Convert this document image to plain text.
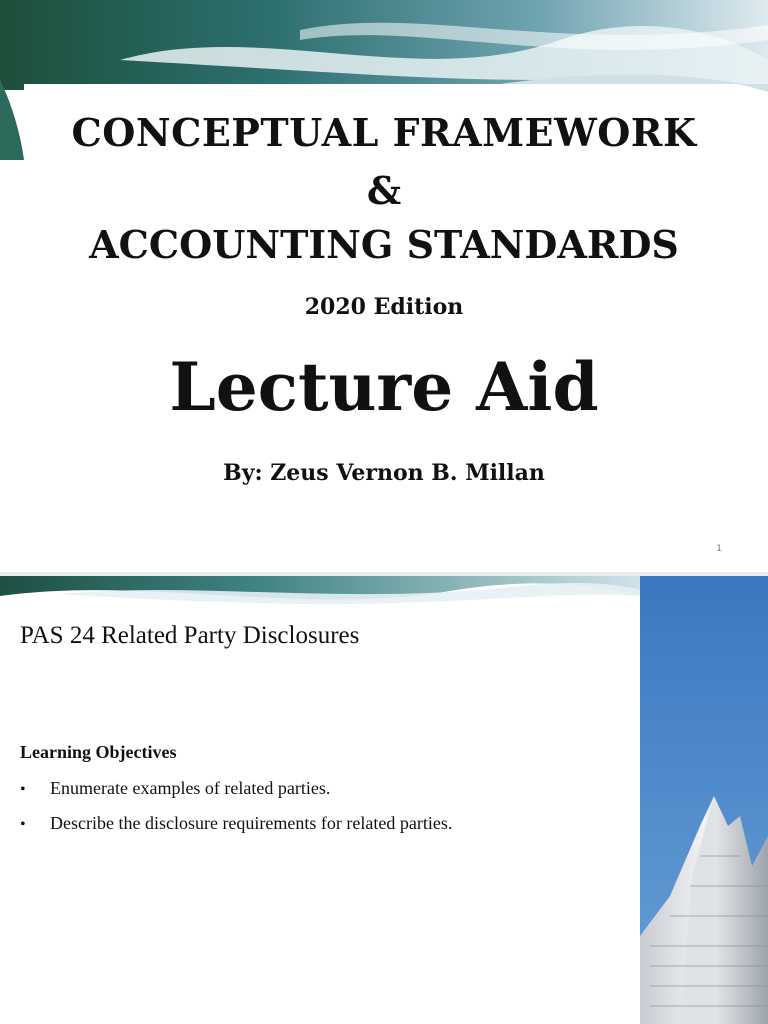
CONCEPTUAL FRAMEWORK
&
ACCOUNTING STANDARDS

2020 Edition

Lecture Aid

By: Zeus Vernon B. Millan

1
PAS 24 Related Party Disclosures
Learning Objectives
•	Enumerate examples of related parties.
•	Describe the disclosure requirements for related parties.
